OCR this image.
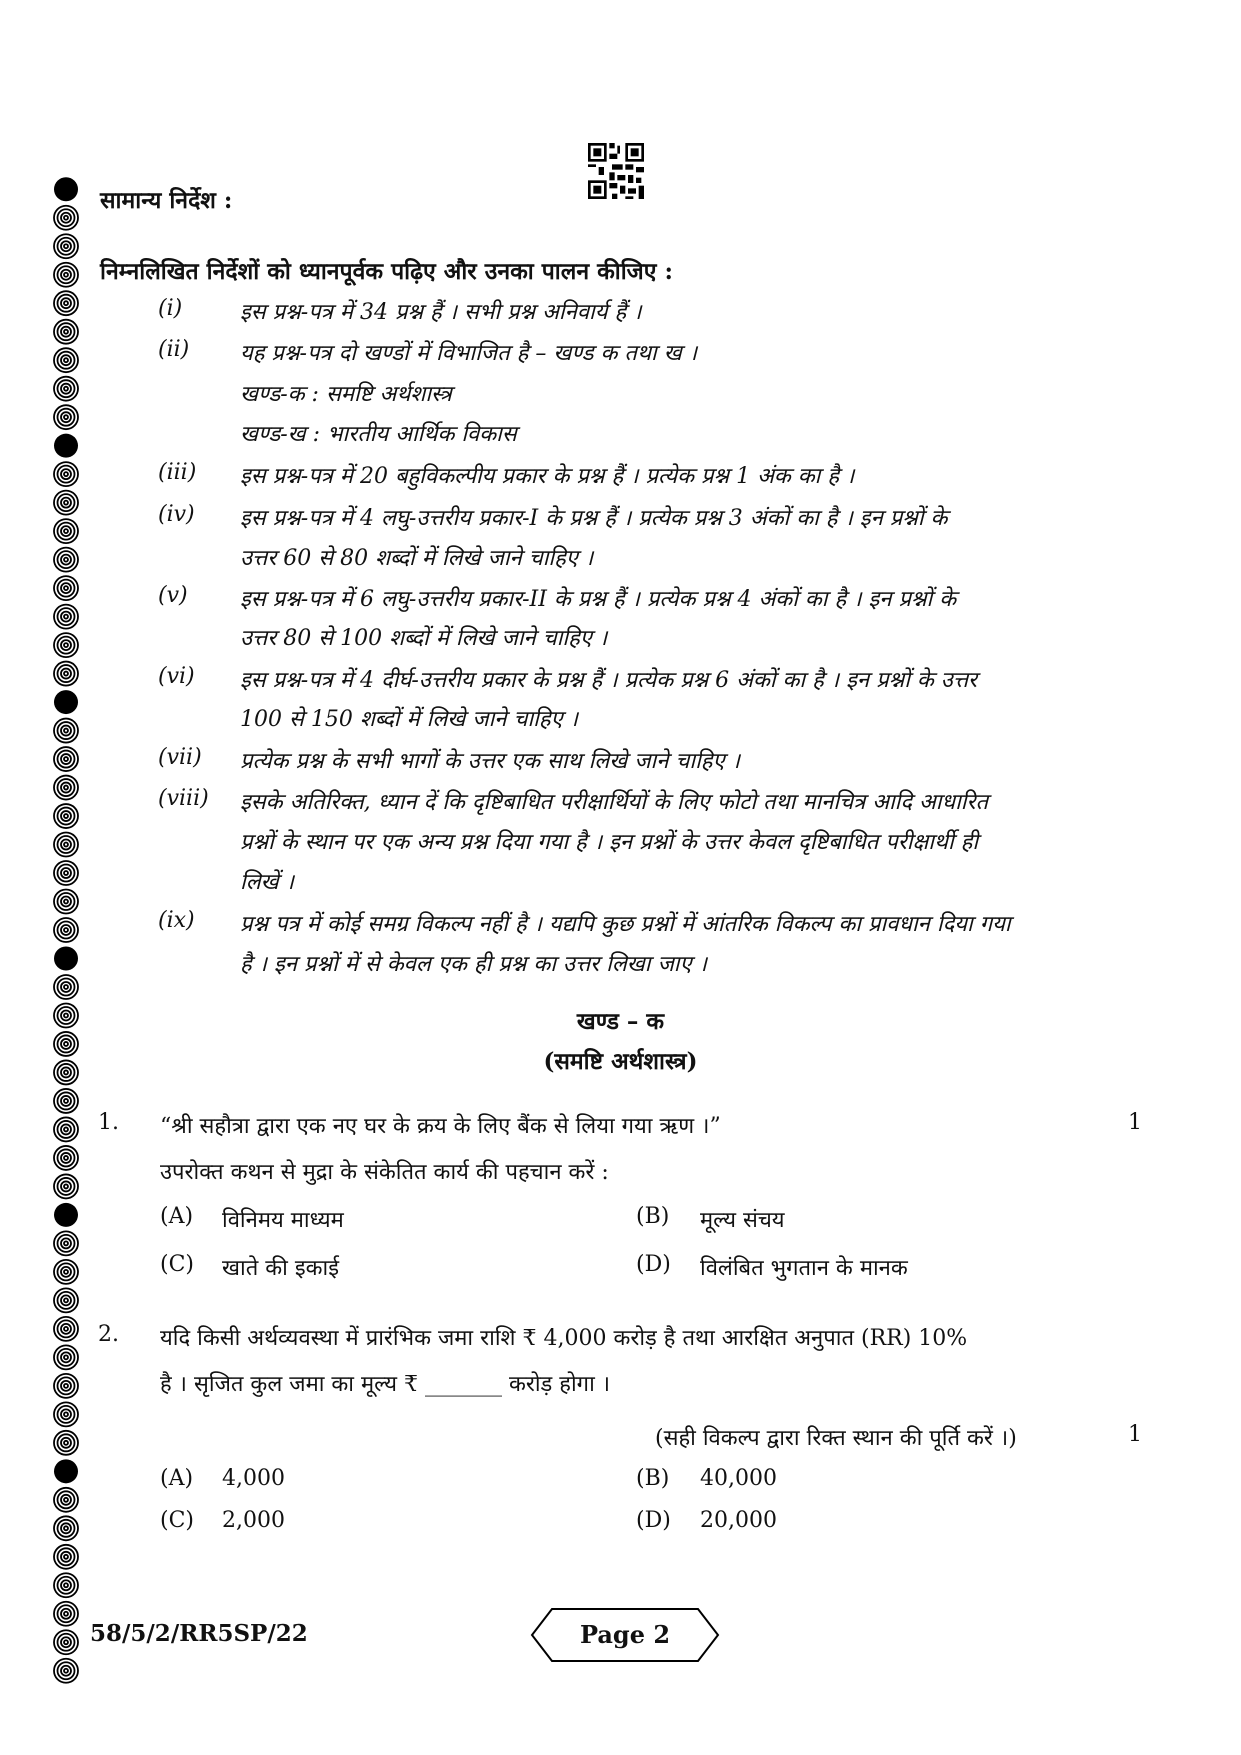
सामान्य निर्देश :
निम्नलिखित निर्देशों को ध्यानपूर्वक पढ़िए और उनका पालन कीजिए :
(i)	इस प्रश्न-पत्र में 34 प्रश्न हैं । सभी प्रश्न अनिवार्य हैं ।
(ii) यह प्रश्न-पत्र दो खण्डों में विभाजित है – खण्ड क तथा ख ।
खण्ड-क : समष्टि अर्थशास्त्र
खण्ड-ख : भारतीय आर्थिक विकास
(iii) इस प्रश्न-पत्र में 20 बहुविकल्पीय प्रकार के प्रश्न हैं । प्रत्येक प्रश्न 1 अंक का है ।
(iv) इस प्रश्न-पत्र में 4 लघु-उत्तरीय प्रकार-I के प्रश्न हैं । प्रत्येक प्रश्न 3 अंकों का है । इन प्रश्नों के
उत्तर 60 से 80 शब्दों में लिखे जाने चाहिए ।
(v) इस प्रश्न-पत्र में 6 लघु-उत्तरीय प्रकार-II के प्रश्न हैं । प्रत्येक प्रश्न 4 अंकों का है । इन प्रश्नों के
उत्तर 80 से 100 शब्दों में लिखे जाने चाहिए ।
(vi) इस प्रश्न-पत्र में 4 दीर्घ-उत्तरीय प्रकार के प्रश्न हैं । प्रत्येक प्रश्न 6 अंकों का है । इन प्रश्नों के उत्तर
100 से 150 शब्दों में लिखे जाने चाहिए ।
(vii) प्रत्येक प्रश्न के सभी भागों के उत्तर एक साथ लिखे जाने चाहिए ।
(viii) इसके अतिरिक्त, ध्यान दें कि दृष्टिबाधित परीक्षार्थियों के लिए फोटो तथा मानचित्र आदि आधारित
प्रश्नों के स्थान पर एक अन्य प्रश्न दिया गया है । इन प्रश्नों के उत्तर केवल दृष्टिबाधित परीक्षार्थी ही
लिखें ।
(ix) प्रश्न पत्र में कोई समग्र विकल्प नहीं है । यद्यपि कुछ प्रश्नों में आंतरिक विकल्प का प्रावधान दिया गया
है । इन प्रश्नों में से केवल एक ही प्रश्न का उत्तर लिखा जाए ।
खण्ड – क
(समष्टि अर्थशास्त्र)
1. “श्री सहौत्रा द्वारा एक नए घर के क्रय के लिए बैंक से लिया गया ऋण ।”	1
उपरोक्त कथन से मुद्रा के संकेतित कार्य की पहचान करें :
(A) विनिमय माध्यम	(B) मूल्य संचय
(C) खाते की इकाई	(D) विलंबित भुगतान के मानक
2. यदि किसी अर्थव्यवस्था में प्रारंभिक जमा राशि ₹ 4,000 करोड़ है तथा आरक्षित अनुपात (RR) 10%
है । सृजित कुल जमा का मूल्य ₹ _______ करोड़ होगा ।
(सही विकल्प द्वारा रिक्त स्थान की पूर्ति करें ।)	1
(A) 4,000	(B) 40,000
(C) 2,000	(D) 20,000
58/5/2/RR5SP/22	Page 2
